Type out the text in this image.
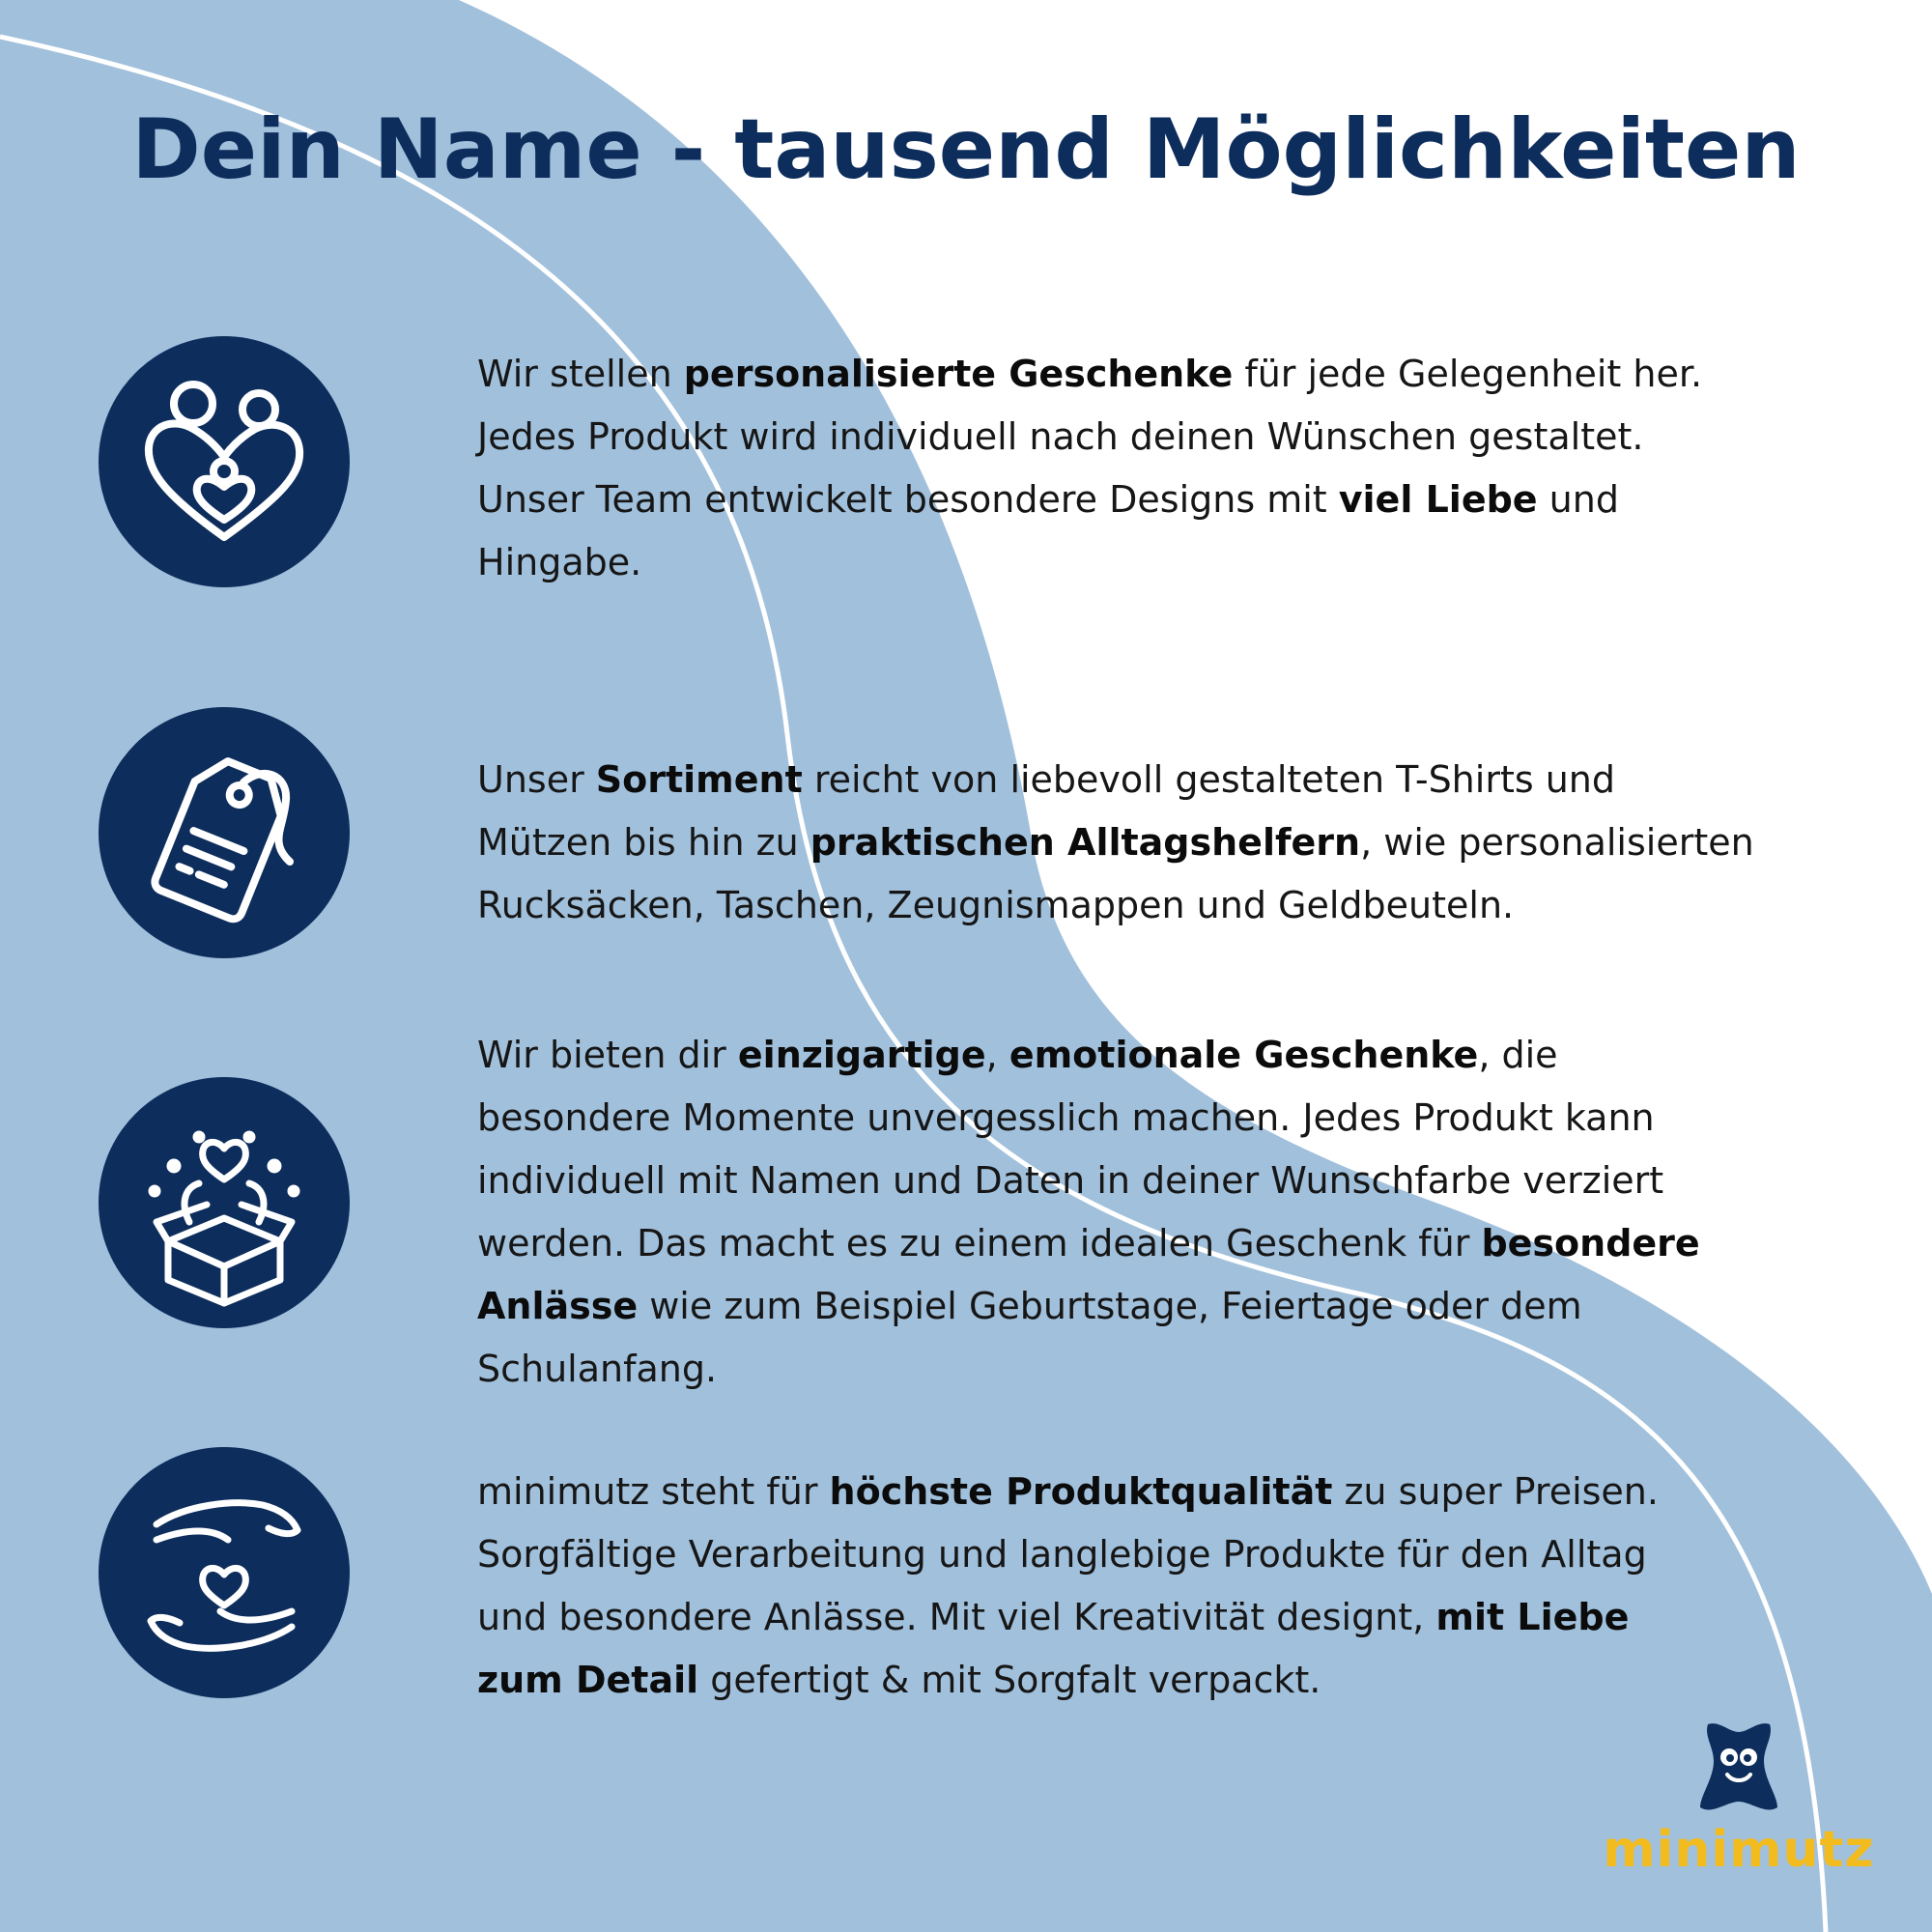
Dein Name - tausend Möglichkeiten

Wir stellen personalisierte Geschenke für jede Gelegenheit her.
Jedes Produkt wird individuell nach deinen Wünschen gestaltet.
Unser Team entwickelt besondere Designs mit viel Liebe und
Hingabe.

Unser Sortiment reicht von liebevoll gestalteten T-Shirts und
Mützen bis hin zu praktischen Alltagshelfern, wie personalisierten
Rucksäcken, Taschen, Zeugnismappen und Geldbeuteln.

Wir bieten dir einzigartige, emotionale Geschenke, die
besondere Momente unvergesslich machen. Jedes Produkt kann
individuell mit Namen und Daten in deiner Wunschfarbe verziert
werden. Das macht es zu einem idealen Geschenk für besondere
Anlässe wie zum Beispiel Geburtstage, Feiertage oder dem
Schulanfang.

minimutz steht für höchste Produktqualität zu super Preisen.
Sorgfältige Verarbeitung und langlebige Produkte für den Alltag
und besondere Anlässe. Mit viel Kreativität designt, mit Liebe
zum Detail gefertigt & mit Sorgfalt verpackt.

minimutz
